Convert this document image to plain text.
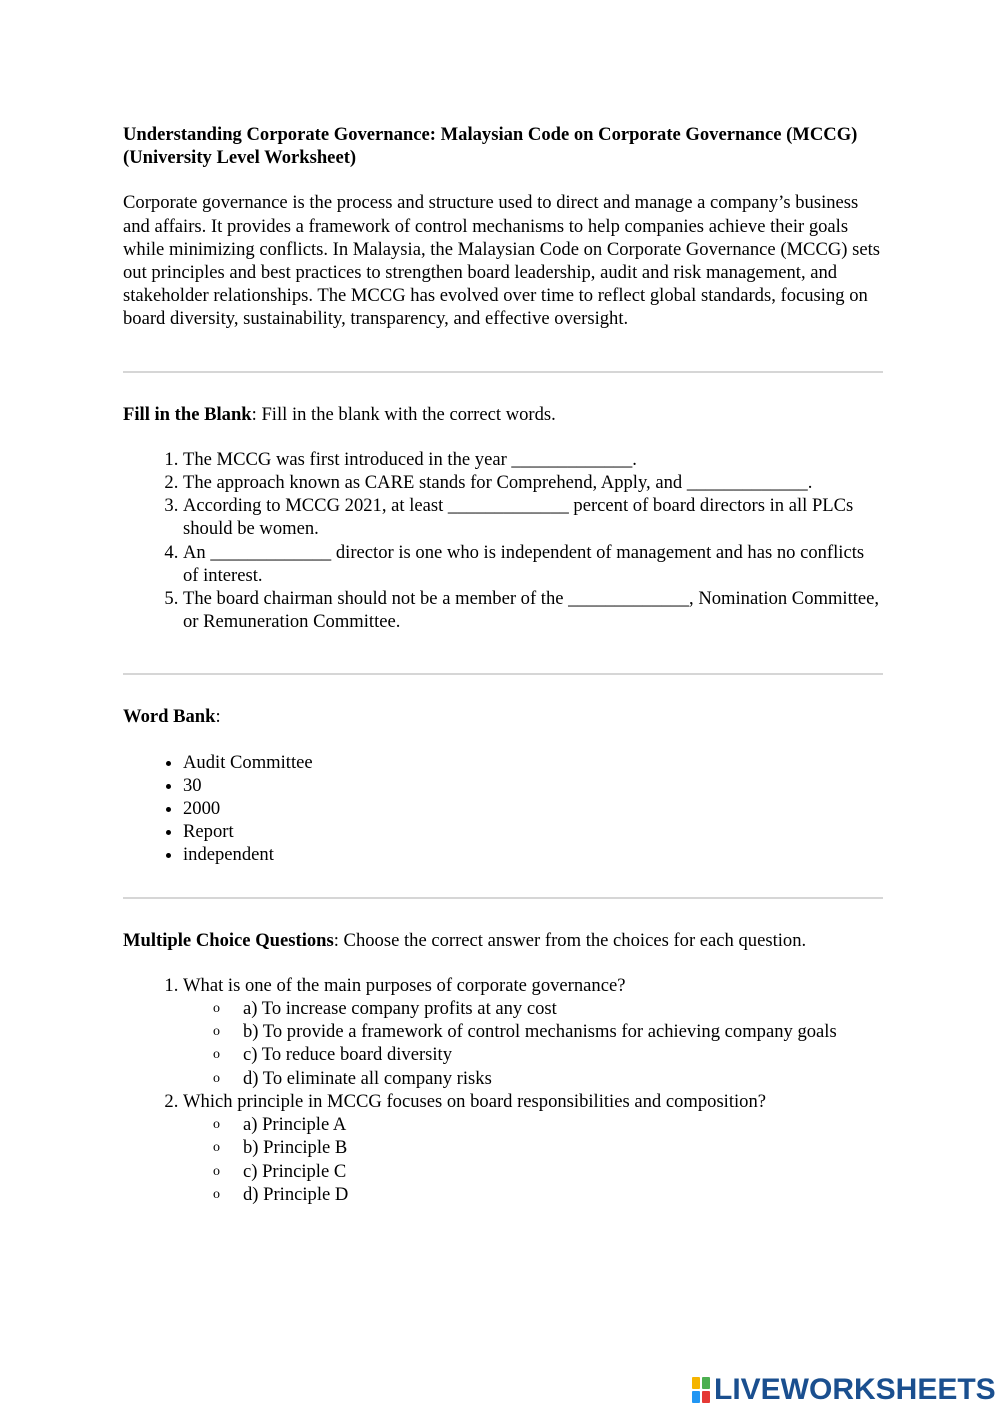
Understanding Corporate Governance: Malaysian Code on Corporate Governance (MCCG) (University Level Worksheet)

Corporate governance is the process and structure used to direct and manage a company’s business and affairs. It provides a framework of control mechanisms to help companies achieve their goals while minimizing conflicts. In Malaysia, the Malaysian Code on Corporate Governance (MCCG) sets out principles and best practices to strengthen board leadership, audit and risk management, and stakeholder relationships. The MCCG has evolved over time to reflect global standards, focusing on board diversity, sustainability, transparency, and effective oversight.

Fill in the Blank: Fill in the blank with the correct words.

1. The MCCG was first introduced in the year _____________.
2. The approach known as CARE stands for Comprehend, Apply, and _____________.
3. According to MCCG 2021, at least _____________ percent of board directors in all PLCs should be women.
4. An _____________ director is one who is independent of management and has no conflicts of interest.
5. The board chairman should not be a member of the _____________, Nomination Committee, or Remuneration Committee.

Word Bank:

• Audit Committee
• 30
• 2000
• Report
• independent

Multiple Choice Questions: Choose the correct answer from the choices for each question.

1. What is one of the main purposes of corporate governance?
o a) To increase company profits at any cost
o b) To provide a framework of control mechanisms for achieving company goals
o c) To reduce board diversity
o d) To eliminate all company risks
2. Which principle in MCCG focuses on board responsibilities and composition?
o a) Principle A
o b) Principle B
o c) Principle C
o d) Principle D
LIVEWORKSHEETS
